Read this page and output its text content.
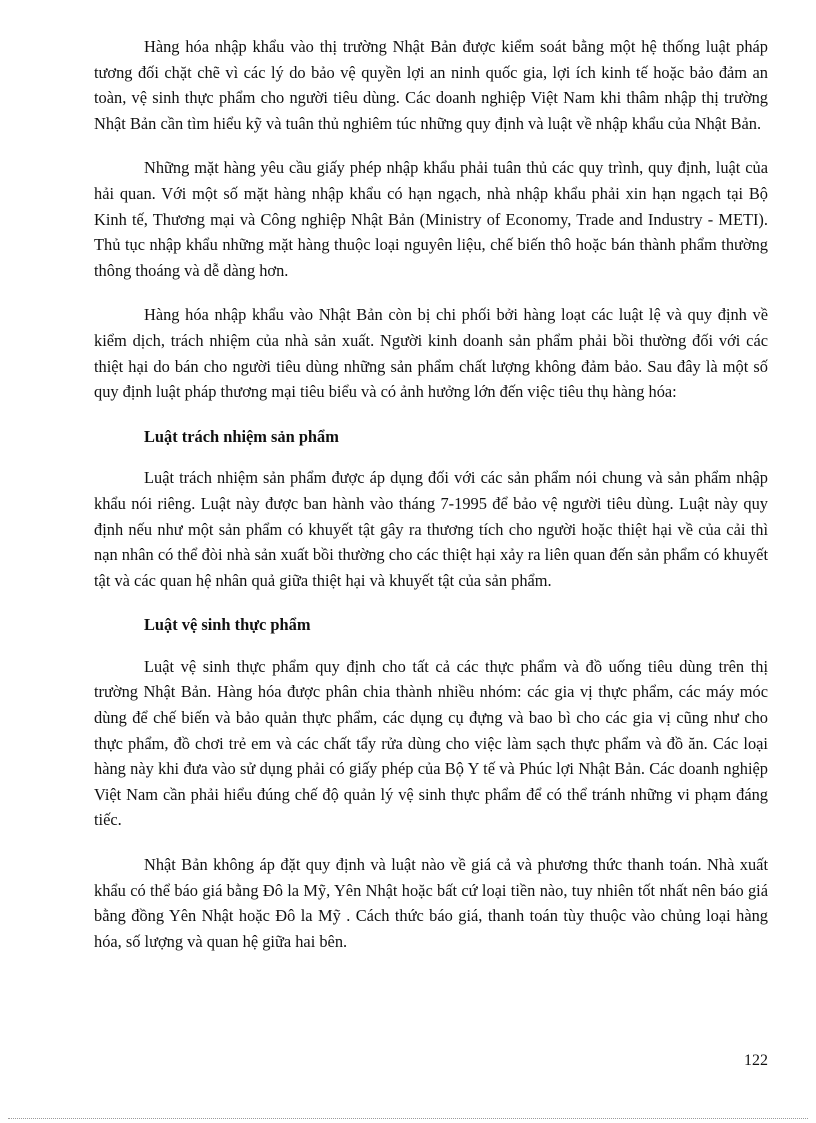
Hàng hóa nhập khẩu vào thị trường Nhật Bản được kiểm soát bằng một hệ thống luật pháp tương đối chặt chẽ vì các lý do bảo vệ quyền lợi an ninh quốc gia, lợi ích kinh tế hoặc bảo đảm an toàn, vệ sinh thực phẩm cho người tiêu dùng. Các doanh nghiệp Việt Nam khi thâm nhập thị trường Nhật Bản cần tìm hiểu kỹ và tuân thủ nghiêm túc những quy định và luật về nhập khẩu của Nhật Bản.

Những mặt hàng yêu cầu giấy phép nhập khẩu phải tuân thủ các quy trình, quy định, luật của hải quan. Với một số mặt hàng nhập khẩu có hạn ngạch, nhà nhập khẩu phải xin hạn ngạch tại Bộ Kinh tế, Thương mại và Công nghiệp Nhật Bản (Ministry of Economy, Trade and Industry - METI). Thủ tục nhập khẩu những mặt hàng thuộc loại nguyên liệu, chế biến thô hoặc bán thành phẩm thường thông thoáng và dễ dàng hơn.

Hàng hóa nhập khẩu vào Nhật Bản còn bị chi phối bởi hàng loạt các luật lệ và quy định về kiểm dịch, trách nhiệm của nhà sản xuất. Người kinh doanh sản phẩm phải bồi thường đối với các thiệt hại do bán cho người tiêu dùng những sản phẩm chất lượng không đảm bảo. Sau đây là một số quy định luật pháp thương mại tiêu biểu và có ảnh hưởng lớn đến việc tiêu thụ hàng hóa:

Luật trách nhiệm sản phẩm

Luật trách nhiệm sản phẩm được áp dụng đối với các sản phẩm nói chung và sản phẩm nhập khẩu nói riêng. Luật này được ban hành vào tháng 7-1995 để bảo vệ người tiêu dùng. Luật này quy định nếu như một sản phẩm có khuyết tật gây ra thương tích cho người hoặc thiệt hại về của cải thì nạn nhân có thể đòi nhà sản xuất bồi thường cho các thiệt hại xảy ra liên quan đến sản phẩm có khuyết tật và các quan hệ nhân quả giữa thiệt hại và khuyết tật của sản phẩm.

Luật vệ sinh thực phẩm

Luật vệ sinh thực phẩm quy định cho tất cả các thực phẩm và đồ uống tiêu dùng trên thị trường Nhật Bản. Hàng hóa được phân chia thành nhiều nhóm: các gia vị thực phẩm, các máy móc dùng để chế biến và bảo quản thực phẩm, các dụng cụ đựng và bao bì cho các gia vị cũng như cho thực phẩm, đồ chơi trẻ em và các chất tẩy rửa dùng cho việc làm sạch thực phẩm và đồ ăn. Các loại hàng này khi đưa vào sử dụng phải có giấy phép của Bộ Y tế và Phúc lợi Nhật Bản. Các doanh nghiệp Việt Nam cần phải hiểu đúng chế độ quản lý vệ sinh thực phẩm để có thể tránh những vi phạm đáng tiếc.

Nhật Bản không áp đặt quy định và luật nào về giá cả và phương thức thanh toán. Nhà xuất khẩu có thể báo giá bằng Đô la Mỹ, Yên Nhật hoặc bất cứ loại tiền nào, tuy nhiên tốt nhất nên báo giá bằng đồng Yên Nhật hoặc Đô la Mỹ . Cách thức báo giá, thanh toán tùy thuộc vào chủng loại hàng hóa, số lượng và quan hệ giữa hai bên.

122
